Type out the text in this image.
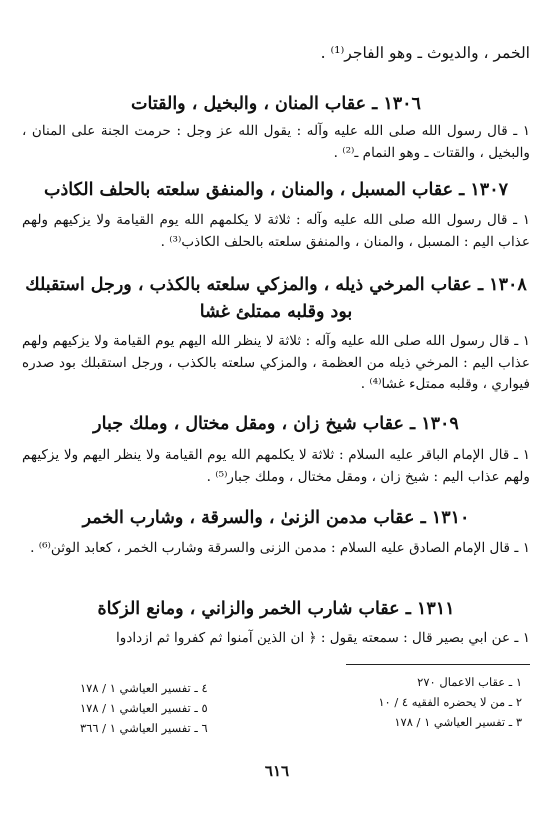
الخمر ، والديوث ـ وهو الفاجر⁽¹⁾ .
١٣٠٦ ـ عقاب المنان ، والبخيل ، والقتات
١ ـ قال رسول الله صلى الله عليه وآله : يقول الله عز وجل : حرمت الجنة على المنان ، والبخيل ، والقتات ـ وهو النمام ـ⁽²⁾ .
١٣٠٧ ـ عقاب المسبل ، والمنان ، والمنفق سلعته بالحلف الكاذب
١ ـ قال رسول الله صلى الله عليه وآله : ثلاثة لا يكلمهم الله يوم القيامة ولا يزكيهم ولهم عذاب اليم : المسبل ، والمنان ، والمنفق سلعته بالحلف الكاذب⁽³⁾ .
١٣٠٨ ـ عقاب المرخي ذيله ، والمزكي سلعته بالكذب ، ورجل استقبلك بود وقلبه ممتلئ غشا
١ ـ قال رسول الله صلى الله عليه وآله : ثلاثة لا ينظر الله اليهم يوم القيامة ولا يزكيهم ولهم عذاب اليم : المرخي ذيله من العظمة ، والمزكي سلعته بالكذب ، ورجل استقبلك بود صدره فيواري ، وقلبه ممتلء غشا⁽⁴⁾ .
١٣٠٩ ـ عقاب شيخ زان ، ومقل مختال ، وملك جبار
١ ـ قال الإمام الباقر عليه السلام : ثلاثة لا يكلمهم الله يوم القيامة ولا ينظر اليهم ولا يزكيهم ولهم عذاب اليم : شيخ زان ، ومقل مختال ، وملك جبار⁽⁵⁾ .
١٣١٠ ـ عقاب مدمن الزنىٰ ، والسرقة ، وشارب الخمر
١ ـ قال الإمام الصادق عليه السلام : مدمن الزنى والسرقة وشارب الخمر ، كعابد الوثن⁽⁶⁾ .
١٣١١ ـ عقاب شارب الخمر والزاني ، ومانع الزكاة
١ ـ عن ابي بصير قال : سمعته يقول : ﴿ ان الذين آمنوا ثم كفروا ثم ازدادوا
١ ـ عقاب الاعمال ٢٧٠
٢ ـ من لا يحضره الفقيه ٤ / ١٠
٣ ـ تفسير العياشي ١ / ١٧٨
٤ ـ تفسير العياشي ١ / ١٧٨
٥ ـ تفسير العياشي ١ / ١٧٨
٦ ـ تفسير العياشي ١ / ٣٦٦
٦١٦
